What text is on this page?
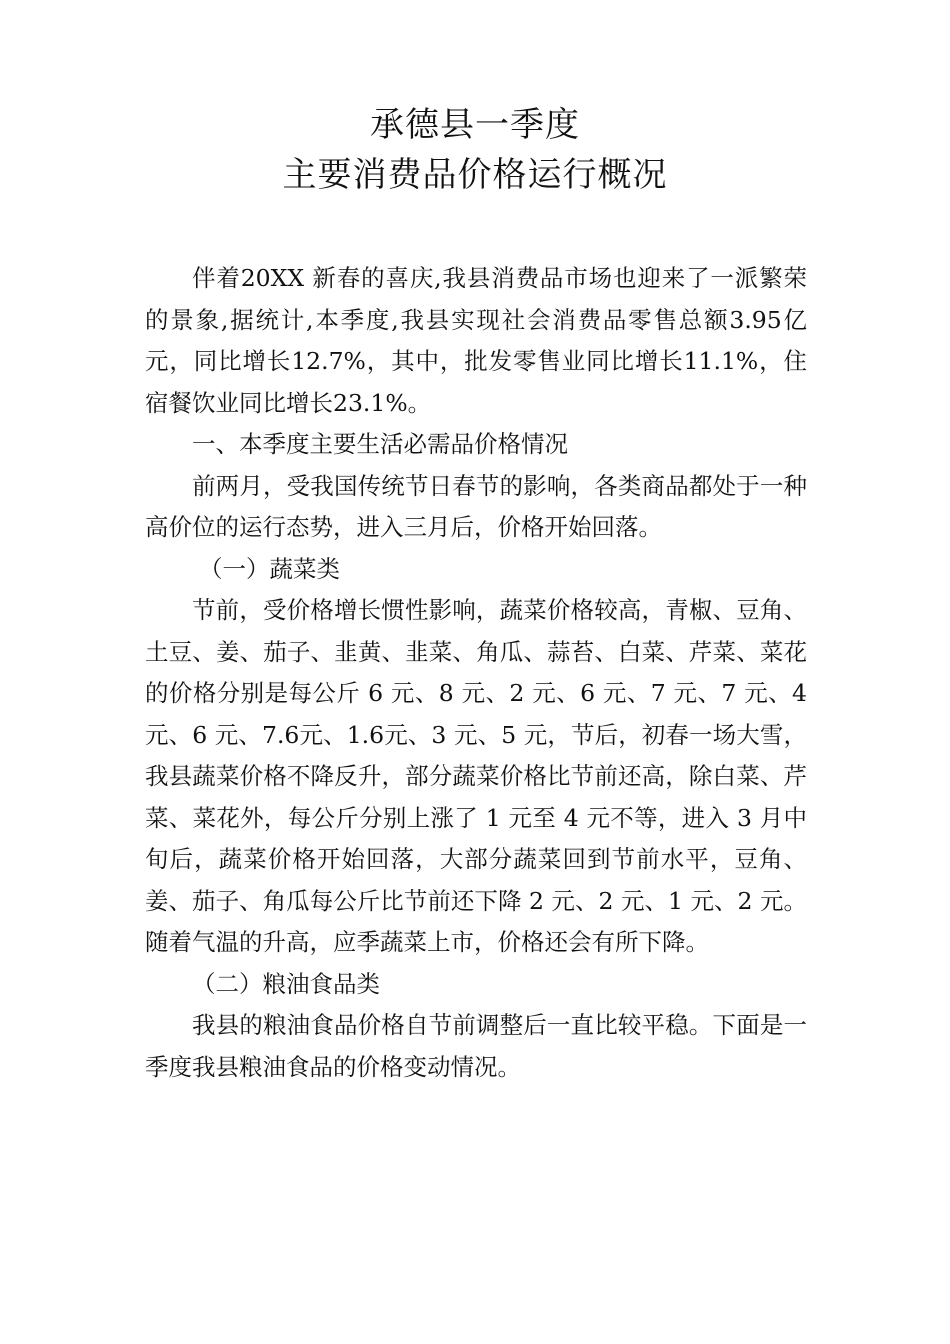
承德县一季度
主要消费品价格运行概况

伴着20XX 新春的喜庆,我县消费品市场也迎来了一派繁荣的景象,据统计,本季度,我县实现社会消费品零售总额3.95亿元，同比增长12.7%，其中，批发零售业同比增长11.1%，住宿餐饮业同比增长23.1%。

一、本季度主要生活必需品价格情况

前两月，受我国传统节日春节的影响，各类商品都处于一种高价位的运行态势，进入三月后，价格开始回落。

（一）蔬菜类

节前，受价格增长惯性影响，蔬菜价格较高，青椒、豆角、土豆、姜、茄子、韭黄、韭菜、角瓜、蒜苔、白菜、芹菜、菜花的价格分别是每公斤 6 元、8 元、2 元、6 元、7 元、7 元、4 元、6 元、7.6元、1.6元、3 元、5 元，节后，初春一场大雪，我县蔬菜价格不降反升，部分蔬菜价格比节前还高，除白菜、芹菜、菜花外，每公斤分别上涨了 1 元至 4 元不等，进入 3 月中旬后，蔬菜价格开始回落，大部分蔬菜回到节前水平，豆角、姜、茄子、角瓜每公斤比节前还下降 2 元、2 元、1 元、2 元。随着气温的升高，应季蔬菜上市，价格还会有所下降。

（二）粮油食品类

我县的粮油食品价格自节前调整后一直比较平稳。下面是一季度我县粮油食品的价格变动情况。
